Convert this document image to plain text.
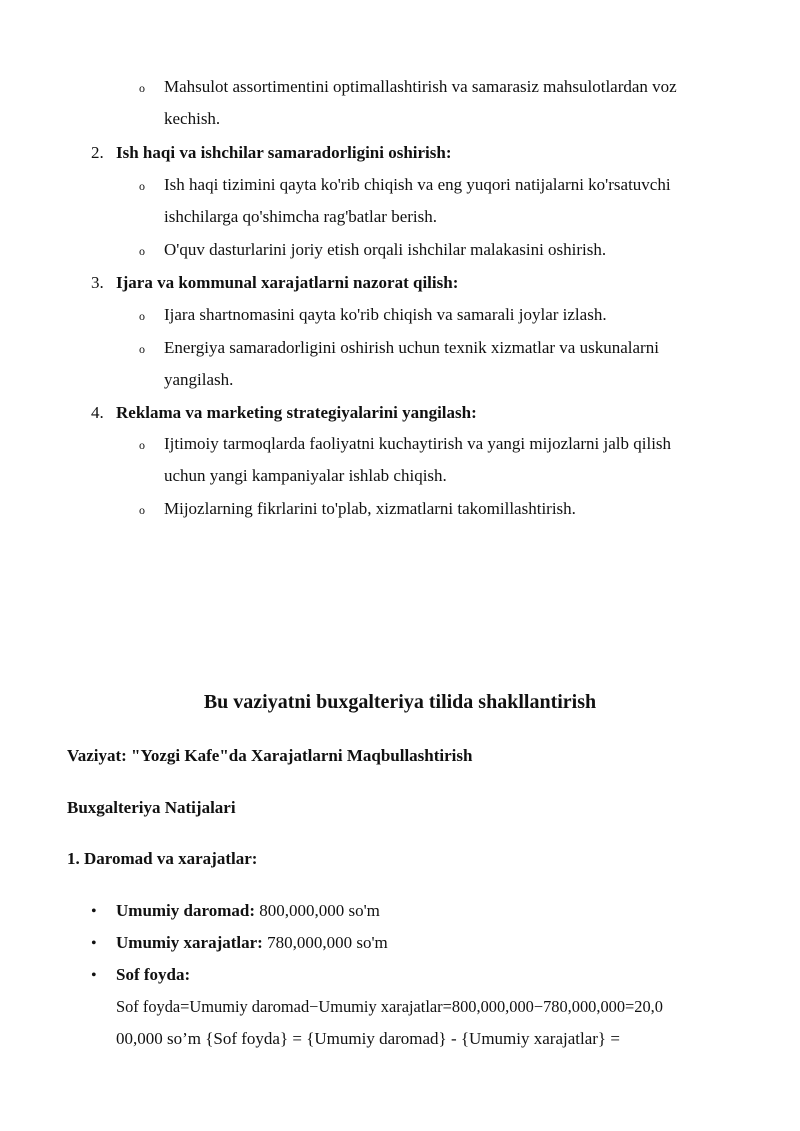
o Mahsulot assortimentini optimallashtirish va samarasiz mahsulotlardan voz
kechish.
2. Ish haqi va ishchilar samaradorligini oshirish:
o Ish haqi tizimini qayta ko'rib chiqish va eng yuqori natijalarni ko'rsatuvchi
ishchilarga qo'shimcha rag'batlar berish.
o O'quv dasturlarini joriy etish orqali ishchilar malakasini oshirish.
3. Ijara va kommunal xarajatlarni nazorat qilish:
o Ijara shartnomasini qayta ko'rib chiqish va samarali joylar izlash.
o Energiya samaradorligini oshirish uchun texnik xizmatlar va uskunalarni
yangilash.
4. Reklama va marketing strategiyalarini yangilash:
o Ijtimoiy tarmoqlarda faoliyatni kuchaytirish va yangi mijozlarni jalb qilish
uchun yangi kampaniyalar ishlab chiqish.
o Mijozlarning fikrlarini to'plab, xizmatlarni takomillashtirish.
Bu vaziyatni buxgalteriya tilida shakllantirish
Vaziyat: "Yozgi Kafe"da Xarajatlarni Maqbullashtirish
Buxgalteriya Natijalari
1. Daromad va xarajatlar:
• Umumiy daromad: 800,000,000 so'm
• Umumiy xarajatlar: 780,000,000 so'm
• Sof foyda:
Sof foyda=Umumiy daromad−Umumiy xarajatlar=800,000,000−780,000,000=20,0
00,000 so’m {Sof foyda} = {Umumiy daromad} - {Umumiy xarajatlar} =
